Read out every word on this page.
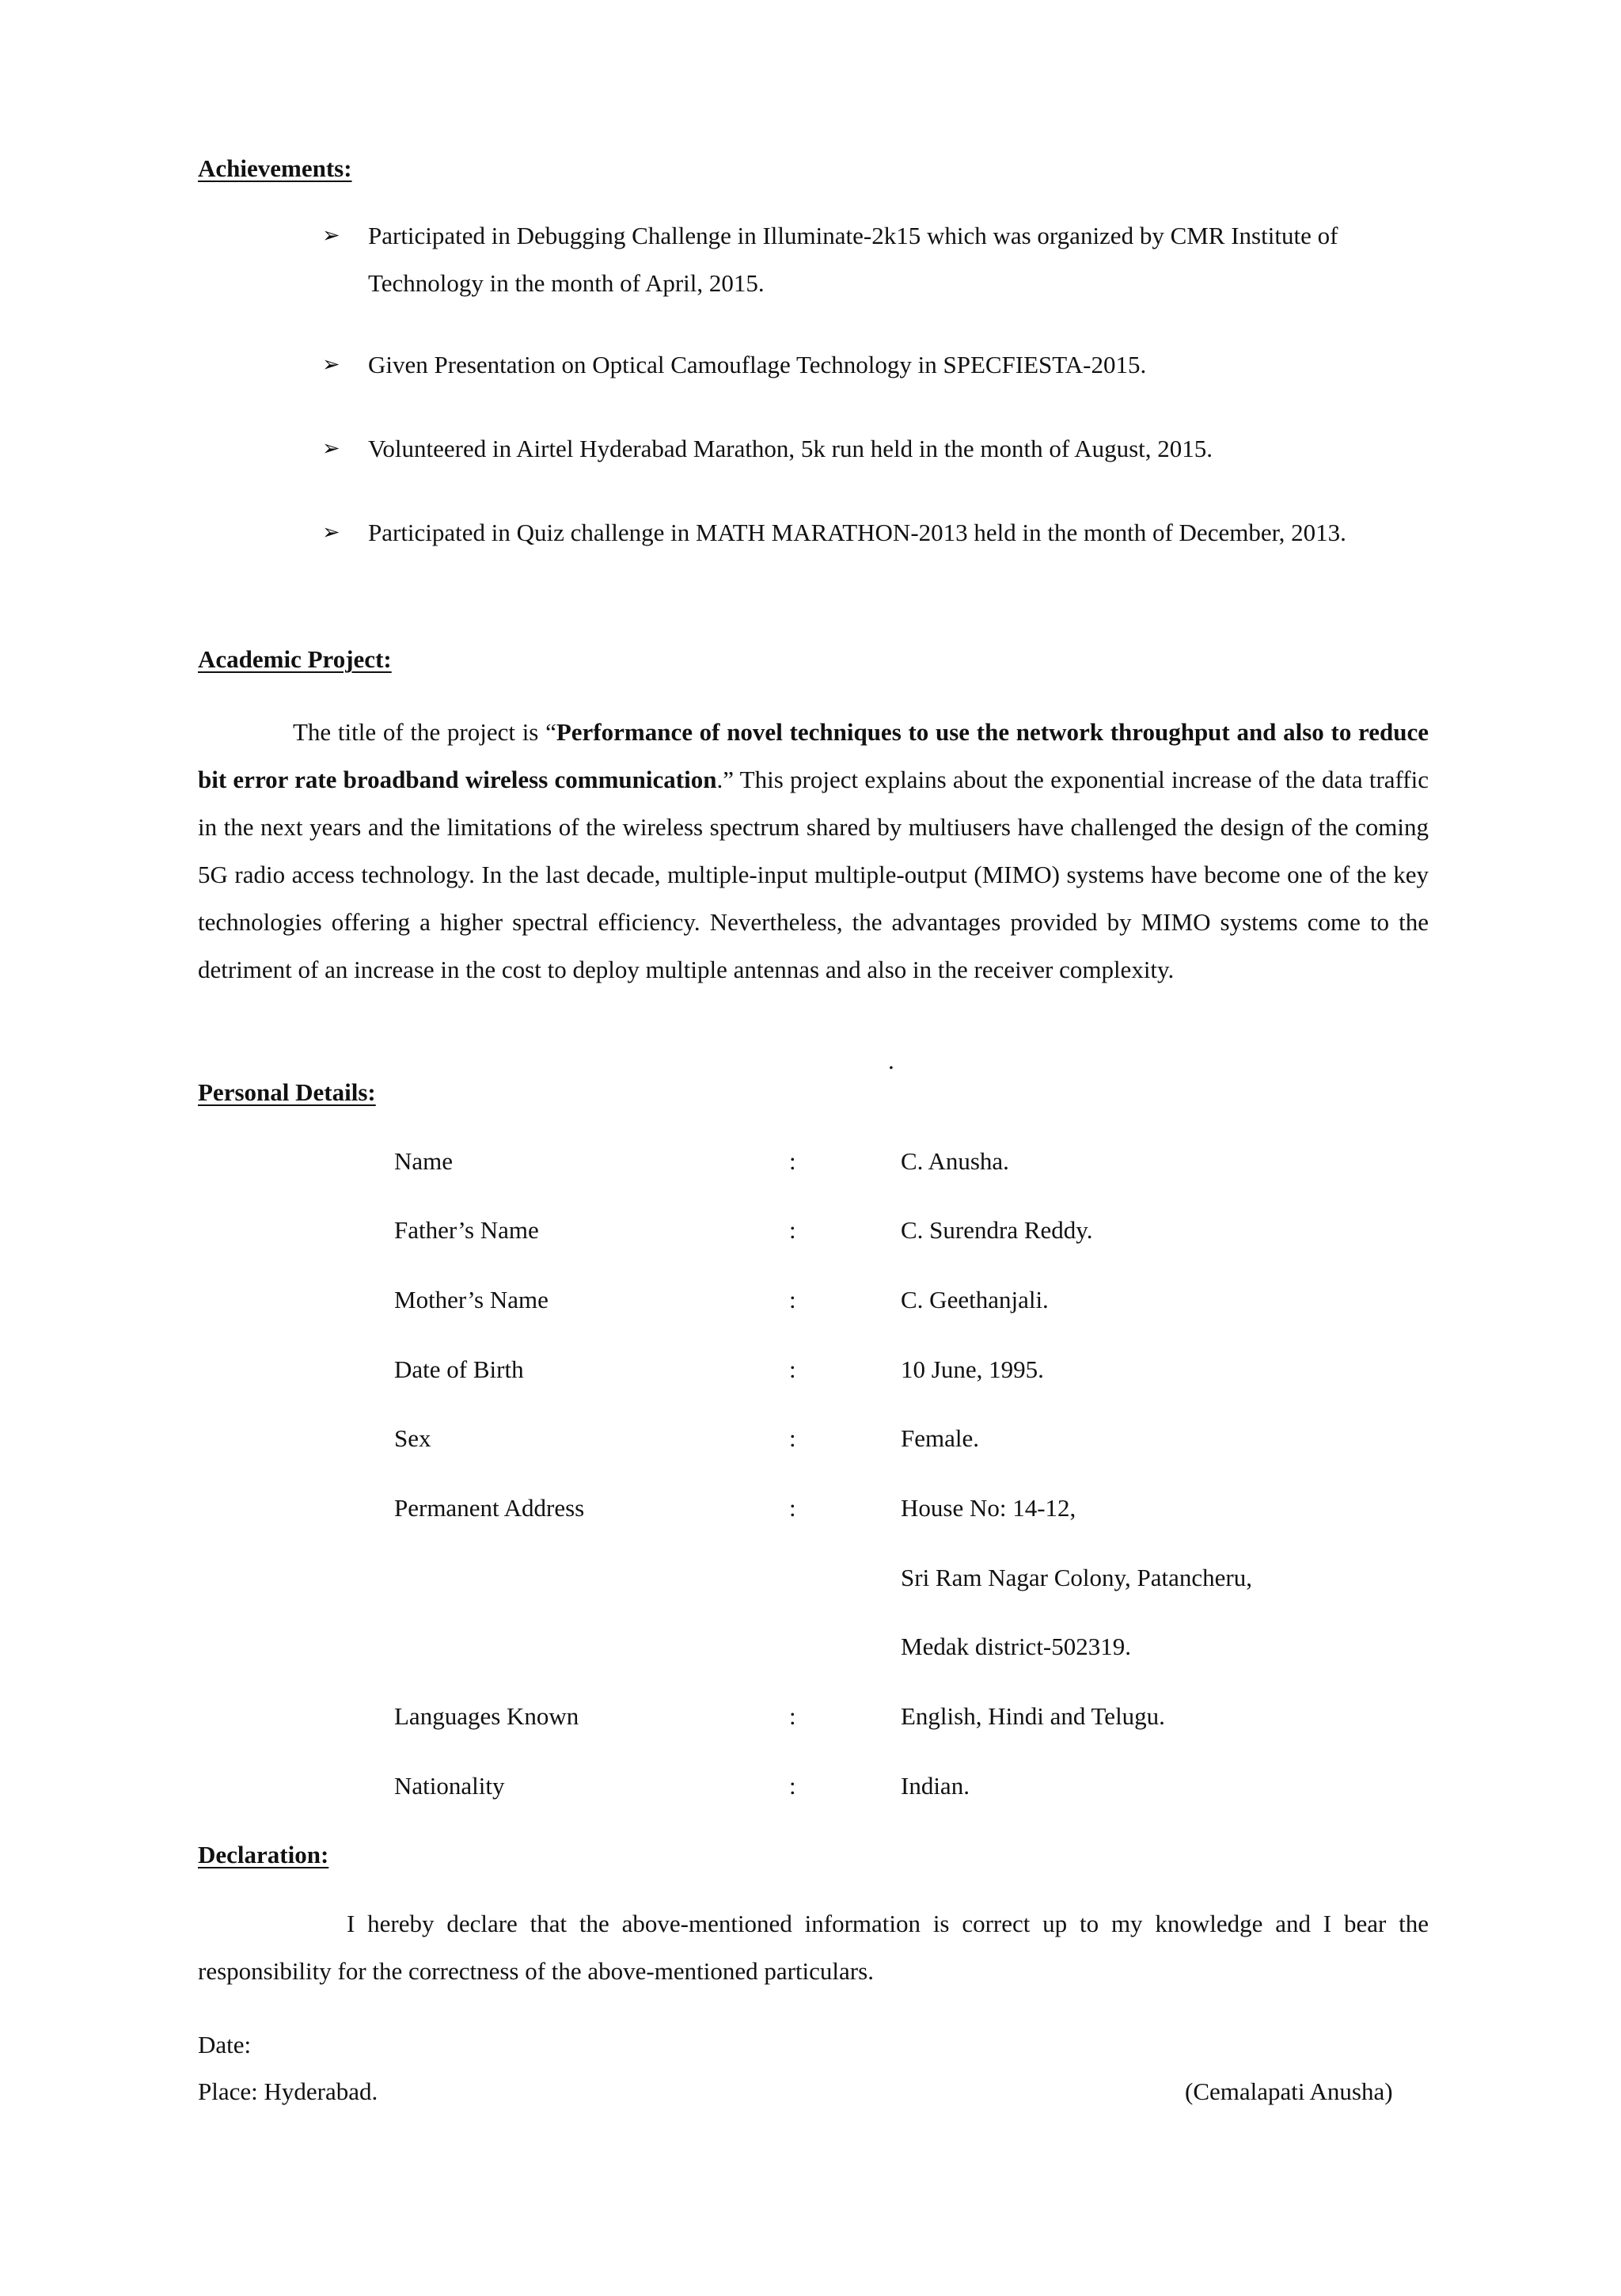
Achievements:
➢ Participated in Debugging Challenge in Illuminate-2k15 which was organized by CMR Institute of Technology in the month of April, 2015.
➢ Given Presentation on Optical Camouflage Technology in SPECFIESTA-2015.
➢ Volunteered in Airtel Hyderabad Marathon, 5k run held in the month of August, 2015.
➢ Participated in Quiz challenge in MATH MARATHON-2013 held in the month of December, 2013.
Academic Project:
The title of the project is “Performance of novel techniques to use the network throughput and also to reduce bit error rate broadband wireless communication.” This project explains about the exponential increase of the data traffic in the next years and the limitations of the wireless spectrum shared by multiusers have challenged the design of the coming 5G radio access technology. In the last decade, multiple-input multiple-output (MIMO) systems have become one of the key technologies offering a higher spectral efficiency. Nevertheless, the advantages provided by MIMO systems come to the detriment of an increase in the cost to deploy multiple antennas and also in the receiver complexity.
.
Personal Details:
Name	:	C. Anusha.
Father’s Name	:	C. Surendra Reddy.
Mother’s Name	:	C. Geethanjali.
Date of Birth	:	10 June, 1995.
Sex	:	Female.
Permanent Address	:	House No: 14-12,
Sri Ram Nagar Colony, Patancheru,
Medak district-502319.
Languages Known	:	English, Hindi and Telugu.
Nationality	:	Indian.
Declaration:
I hereby declare that the above-mentioned information is correct up to my knowledge and I bear the responsibility for the correctness of the above-mentioned particulars.
Date:
Place: Hyderabad.	(Cemalapati Anusha)
